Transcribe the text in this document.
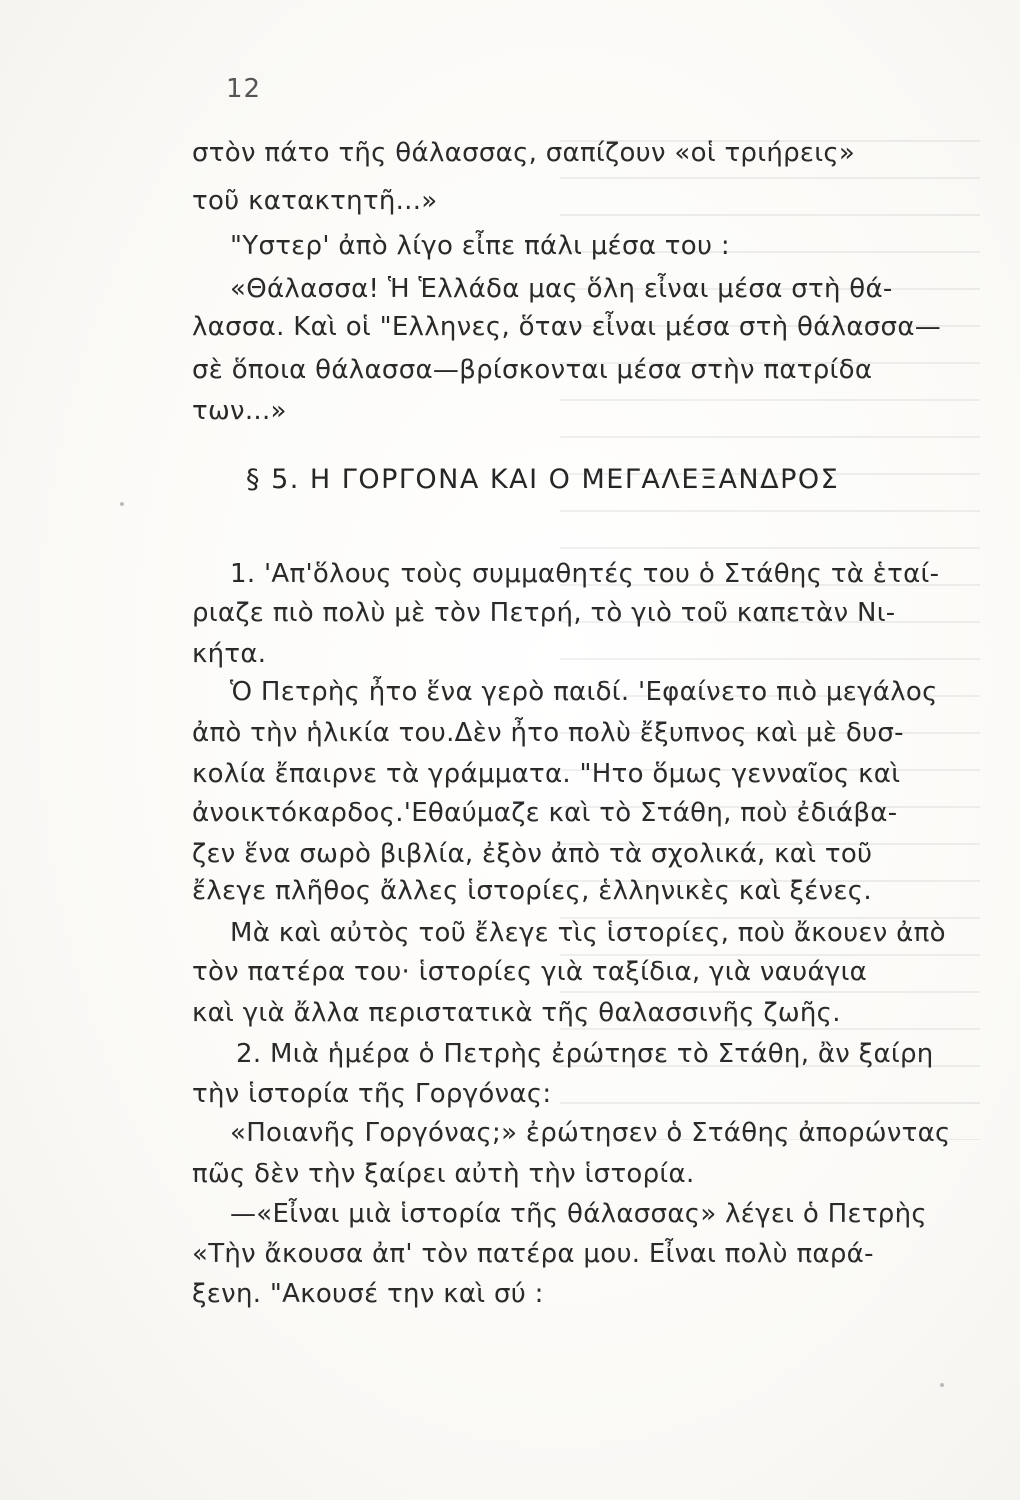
12
στὸν πάτο τῆς θάλασσας, σαπίζουν «οἱ τριήρεις»
τοῦ κατακτητῆ...»
"Υστερ' ἀπὸ λίγο εἶπε πάλι μέσα του :
«Θάλασσα! Ἡ Ἑλλάδα μας ὅλη εἶναι μέσα στὴ θά-
λασσα. Καὶ οἱ "Ελληνες, ὅταν εἶναι μέσα στὴ θάλασσα—
σὲ ὅποια θάλασσα—βρίσκονται μέσα στὴν πατρίδα
των...»
§ 5. Η ΓΟΡΓΟΝΑ ΚΑΙ Ο ΜΕΓΑΛΕΞΑΝΔΡΟΣ
1. 'Απ'ὅλους τοὺς συμμαθητές του ὁ Στάθης τὰ ἑταί-
ριαζε πιὸ πολὺ μὲ τὸν Πετρή, τὸ γιὸ τοῦ καπετὰν Νι-
κήτα.
Ὁ Πετρὴς ἦτο ἕνα γερὸ παιδί. 'Εφαίνετο πιὸ μεγάλος
ἀπὸ τὴν ἡλικία του.Δὲν ἦτο πολὺ ἔξυπνος καὶ μὲ δυσ-
κολία ἔπαιρνε τὰ γράμματα. "Ητο ὅμως γενναῖος καὶ
ἀνοικτόκαρδος.'Εθαύμαζε καὶ τὸ Στάθη, ποὺ ἐδιάβα-
ζεν ἕνα σωρὸ βιβλία, ἐξὸν ἀπὸ τὰ σχολικά, καὶ τοῦ
ἔλεγε πλῆθος ἄλλες ἱστορίες, ἑλληνικὲς καὶ ξένες.
Μὰ καὶ αὐτὸς τοῦ ἔλεγε τὶς ἱστορίες, ποὺ ἄκουεν ἀπὸ
τὸν πατέρα του· ἱστορίες γιὰ ταξίδια, γιὰ ναυάγια
καὶ γιὰ ἄλλα περιστατικὰ τῆς θαλασσινῆς ζωῆς.
2. Μιὰ ἡμέρα ὁ Πετρὴς ἐρώτησε τὸ Στάθη, ἂν ξαίρη
τὴν ἱστορία τῆς Γοργόνας:
«Ποιανῆς Γοργόνας;» ἐρώτησεν ὁ Στάθης ἀπορώντας
πῶς δὲν τὴν ξαίρει αὐτὴ τὴν ἱστορία.
—«Εἶναι μιὰ ἱστορία τῆς θάλασσας» λέγει ὁ Πετρὴς
«Τὴν ἄκουσα ἀπ' τὸν πατέρα μου. Εἶναι πολὺ παρά-
ξενη. "Ακουσέ την καὶ σύ :
